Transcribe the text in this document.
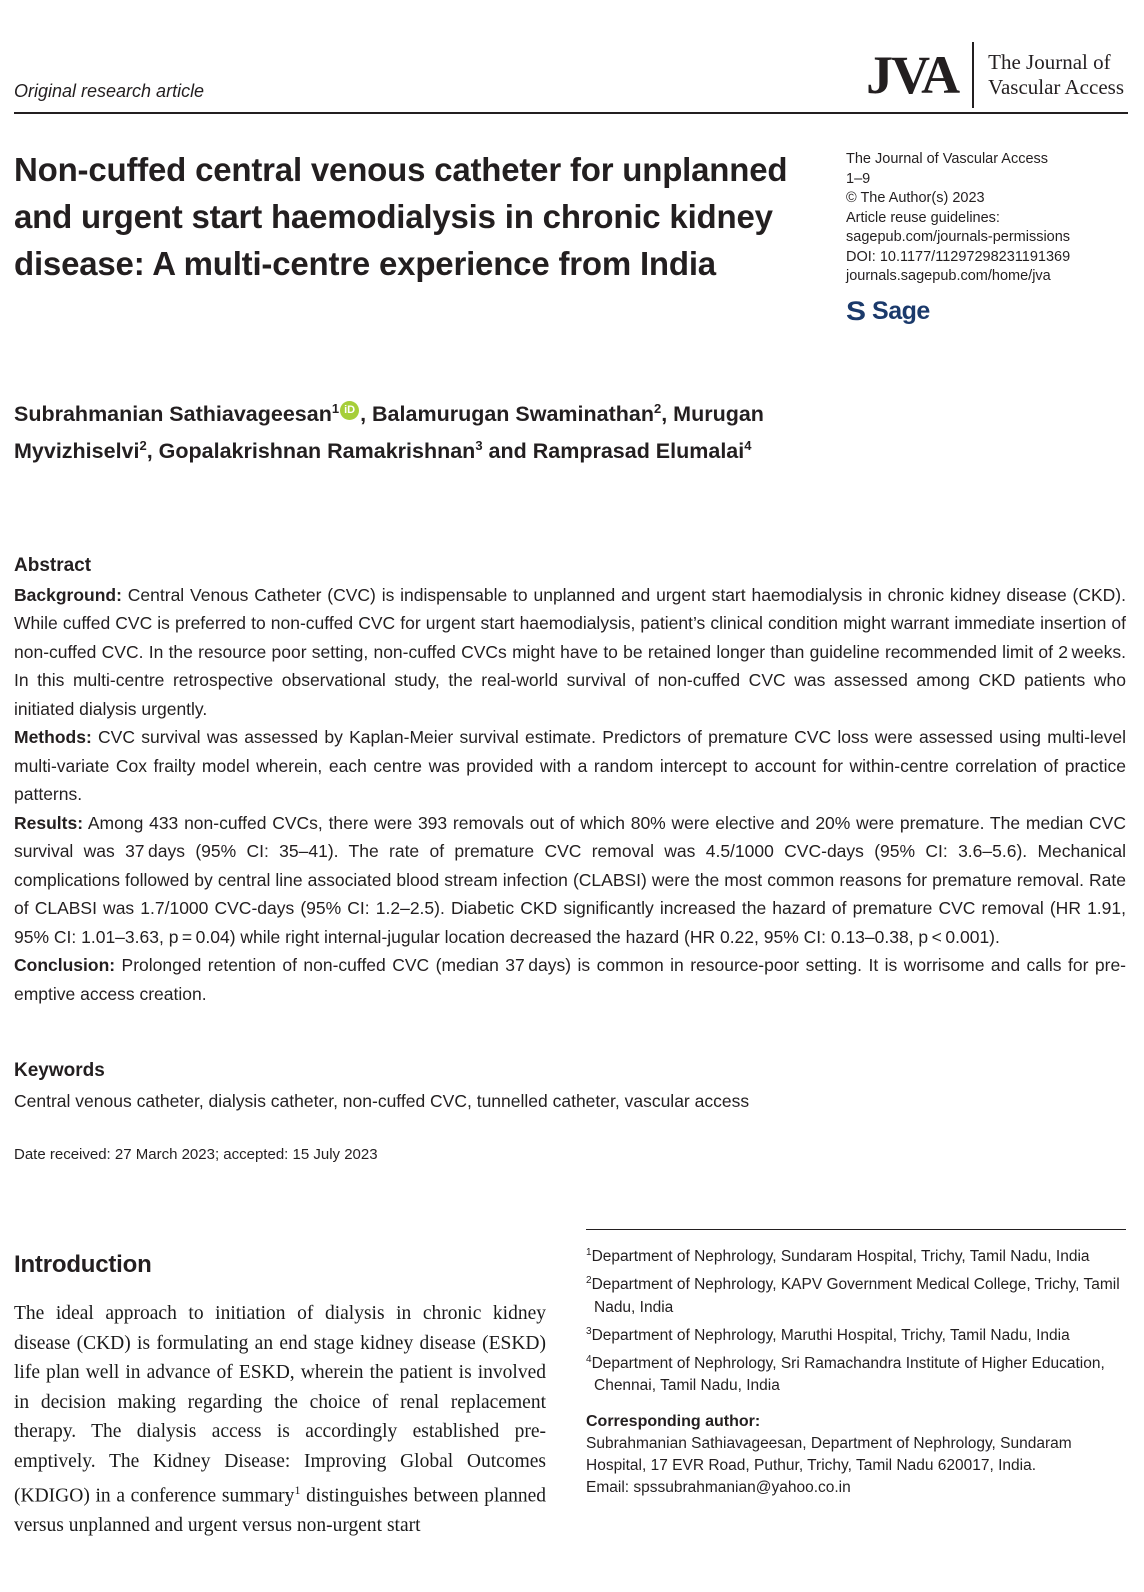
Original research article	JVA The Journal of
Vascular Access
Non-cuffed central venous catheter for unplanned and urgent start haemodialysis in chronic kidney disease: A multi-centre experience from India
The Journal of Vascular Access
1–9
© The Author(s) 2023
Article reuse guidelines:
sagepub.com/journals-permissions
DOI: 10.1177/11297298231191369
journals.sagepub.com/home/jva
S Sage
Subrahmanian Sathiavageesan$^1$ iD , Balamurugan Swaminathan$^2$, Murugan Myvizhiselvi$^2$, Gopalakrishnan Ramakrishnan$^3$ and Ramprasad Elumalai$^4$
Abstract

Background: Central Venous Catheter (CVC) is indispensable to unplanned and urgent start haemodialysis in chronic kidney disease (CKD). While cuffed CVC is preferred to non-cuffed CVC for urgent start haemodialysis, patient’s clinical condition might warrant immediate insertion of non-cuffed CVC. In the resource poor setting, non-cuffed CVCs might have to be retained longer than guideline recommended limit of 2 weeks. In this multi-centre retrospective observational study, the real-world survival of non-cuffed CVC was assessed among CKD patients who initiated dialysis urgently.

Methods: CVC survival was assessed by Kaplan-Meier survival estimate. Predictors of premature CVC loss were assessed using multi-level multi-variate Cox frailty model wherein, each centre was provided with a random intercept to account for within-centre correlation of practice patterns.

Results: Among 433 non-cuffed CVCs, there were 393 removals out of which 80% were elective and 20% were premature. The median CVC survival was 37 days (95% CI: 35–41). The rate of premature CVC removal was 4.5/1000 CVC-days (95% CI: 3.6–5.6). Mechanical complications followed by central line associated blood stream infection (CLABSI) were the most common reasons for premature removal. Rate of CLABSI was 1.7/1000 CVC-days (95% CI: 1.2–2.5). Diabetic CKD significantly increased the hazard of premature CVC removal (HR 1.91, 95% CI: 1.01–3.63, p = 0.04) while right internal-jugular location decreased the hazard (HR 0.22, 95% CI: 0.13–0.38, p < 0.001).

Conclusion: Prolonged retention of non-cuffed CVC (median 37 days) is common in resource-poor setting. It is worrisome and calls for pre-emptive access creation.

Keywords
Central venous catheter, dialysis catheter, non-cuffed CVC, tunnelled catheter, vascular access
Date received: 27 March 2023; accepted: 15 July 2023
Introduction

The ideal approach to initiation of dialysis in chronic kidney disease (CKD) is formulating an end stage kidney disease (ESKD) life plan well in advance of ESKD, wherein the patient is involved in decision making regarding the choice of renal replacement therapy. The dialysis access is accordingly established pre-emptively. The Kidney Disease: Improving Global Outcomes (KDIGO) in a conference summary$^1$ distinguishes between planned versus unplanned and urgent versus non-urgent start

$^1$Department of Nephrology, Sundaram Hospital, Trichy, Tamil Nadu, India
$^2$Department of Nephrology, KAPV Government Medical College, Trichy, Tamil Nadu, India
$^3$Department of Nephrology, Maruthi Hospital, Trichy, Tamil Nadu, India
$^4$Department of Nephrology, Sri Ramachandra Institute of Higher Education, Chennai, Tamil Nadu, India
Corresponding author:
Subrahmanian Sathiavageesan, Department of Nephrology, Sundaram Hospital, 17 EVR Road, Puthur, Trichy, Tamil Nadu 620017, India.
Email: spssubrahmanian@yahoo.co.in
